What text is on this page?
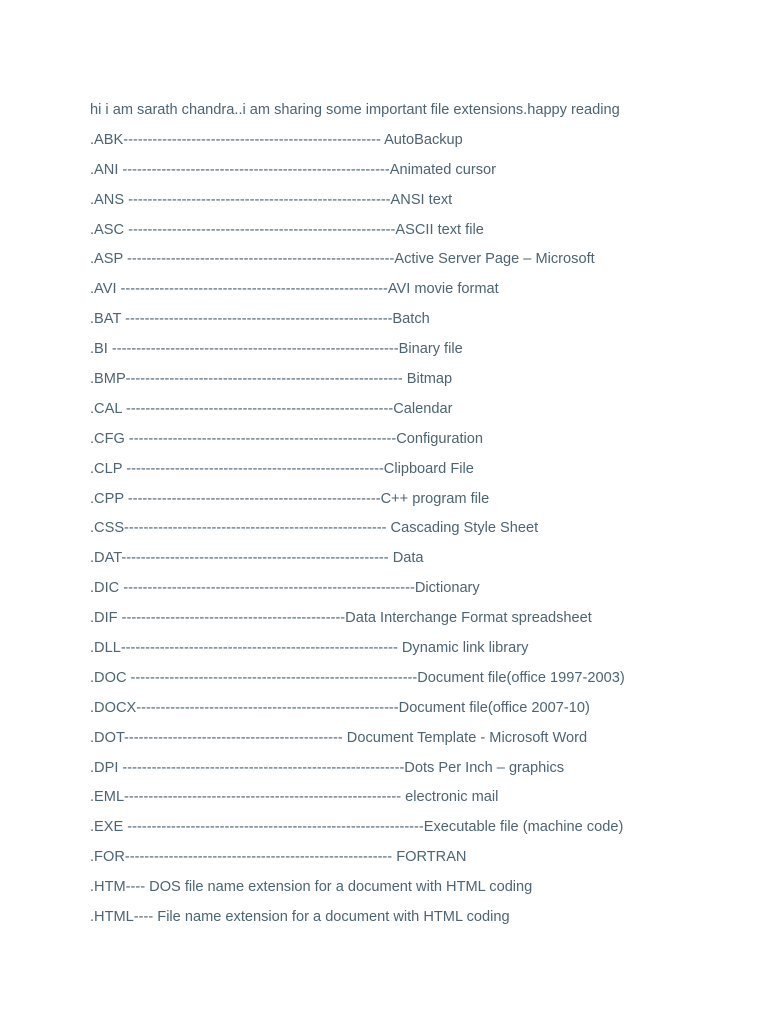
hi i am sarath chandra..i am sharing some important file extensions.happy reading
.ABK----------------------------------------------------- AutoBackup
.ANI -------------------------------------------------------Animated cursor
.ANS ------------------------------------------------------ANSI text
.ASC -------------------------------------------------------ASCII text file
.ASP -------------------------------------------------------Active Server Page – Microsoft
.AVI -------------------------------------------------------AVI movie format
.BAT -------------------------------------------------------Batch
.BI -----------------------------------------------------------Binary file
.BMP--------------------------------------------------------- Bitmap
.CAL -------------------------------------------------------Calendar
.CFG -------------------------------------------------------Configuration
.CLP -----------------------------------------------------Clipboard File
.CPP ----------------------------------------------------C++ program file
.CSS------------------------------------------------------ Cascading Style Sheet
.DAT------------------------------------------------------- Data
.DIC ------------------------------------------------------------Dictionary
.DIF ----------------------------------------------Data Interchange Format spreadsheet
.DLL--------------------------------------------------------- Dynamic link library
.DOC -----------------------------------------------------------Document file(office 1997-2003)
.DOCX------------------------------------------------------Document file(office 2007-10)
.DOT--------------------------------------------- Document Template - Microsoft Word
.DPI ----------------------------------------------------------Dots Per Inch – graphics
.EML--------------------------------------------------------- electronic mail
.EXE -------------------------------------------------------------Executable file (machine code)
.FOR------------------------------------------------------- FORTRAN
.HTM---- DOS file name extension for a document with HTML coding
.HTML---- File name extension for a document with HTML coding
